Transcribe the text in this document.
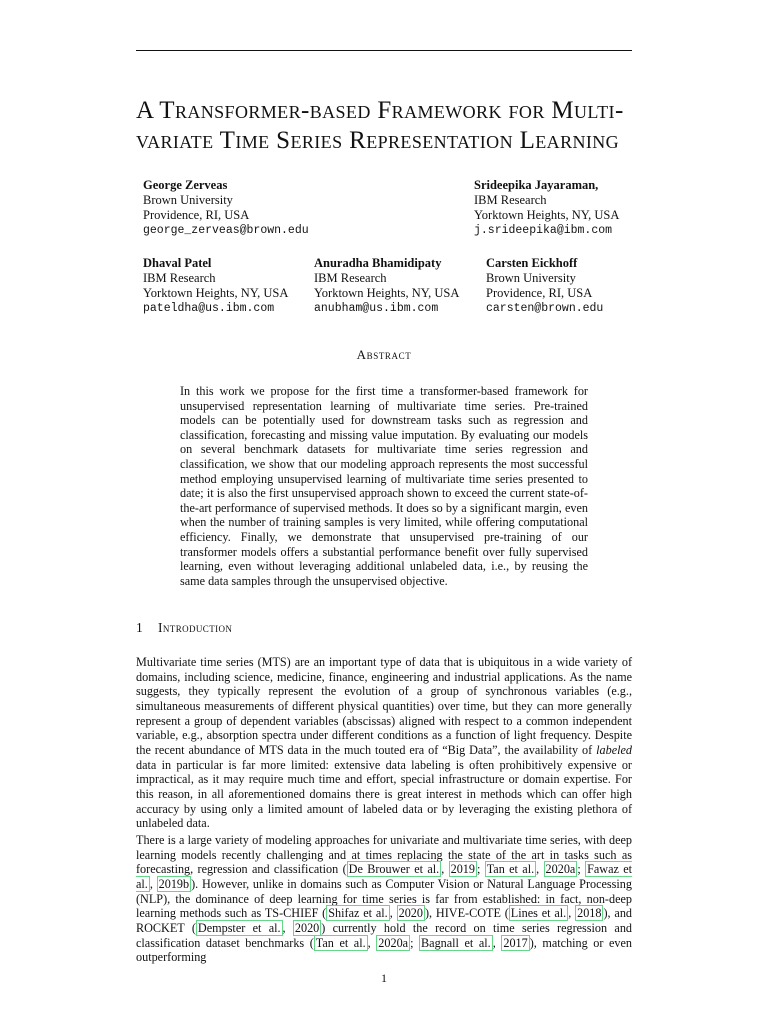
A Transformer-based Framework for Multi-variate Time Series Representation Learning
George Zerveas
Brown University
Providence, RI, USA
george_zerveas@brown.edu
Srideepika Jayaraman,
IBM Research
Yorktown Heights, NY, USA
j.srideepika@ibm.com
Dhaval Patel
IBM Research
Yorktown Heights, NY, USA
pateldha@us.ibm.com
Anuradha Bhamidipaty
IBM Research
Yorktown Heights, NY, USA
anubham@us.ibm.com
Carsten Eickhoff
Brown University
Providence, RI, USA
carsten@brown.edu
Abstract
In this work we propose for the first time a transformer-based framework for unsupervised representation learning of multivariate time series. Pre-trained models can be potentially used for downstream tasks such as regression and classification, forecasting and missing value imputation. By evaluating our models on several benchmark datasets for multivariate time series regression and classification, we show that our modeling approach represents the most successful method employing unsupervised learning of multivariate time series presented to date; it is also the first unsupervised approach shown to exceed the current state-of-the-art performance of supervised methods. It does so by a significant margin, even when the number of training samples is very limited, while offering computational efficiency. Finally, we demonstrate that unsupervised pre-training of our transformer models offers a substantial performance benefit over fully supervised learning, even without leveraging additional unlabeled data, i.e., by reusing the same data samples through the unsupervised objective.
1 Introduction
Multivariate time series (MTS) are an important type of data that is ubiquitous in a wide variety of domains, including science, medicine, finance, engineering and industrial applications. As the name suggests, they typically represent the evolution of a group of synchronous variables (e.g., simultaneous measurements of different physical quantities) over time, but they can more generally represent a group of dependent variables (abscissas) aligned with respect to a common independent variable, e.g., absorption spectra under different conditions as a function of light frequency. Despite the recent abundance of MTS data in the much touted era of “Big Data”, the availability of labeled data in particular is far more limited: extensive data labeling is often prohibitively expensive or impractical, as it may require much time and effort, special infrastructure or domain expertise. For this reason, in all aforementioned domains there is great interest in methods which can offer high accuracy by using only a limited amount of labeled data or by leveraging the existing plethora of unlabeled data.
There is a large variety of modeling approaches for univariate and multivariate time series, with deep learning models recently challenging and at times replacing the state of the art in tasks such as forecasting, regression and classification ( De Brouwer et al. , 2019 ; Tan et al. , 2020a ; Fawaz et al. , 2019b ). However, unlike in domains such as Computer Vision or Natural Language Processing (NLP), the dominance of deep learning for time series is far from established: in fact, non-deep learning methods such as TS-CHIEF ( Shifaz et al. , 2020 ), HIVE-COTE ( Lines et al. , 2018 ), and ROCKET ( Dempster et al. , 2020 ) currently hold the record on time series regression and classification dataset benchmarks ( Tan et al. , 2020a ; Bagnall et al. , 2017 ), matching or even outperforming
1
